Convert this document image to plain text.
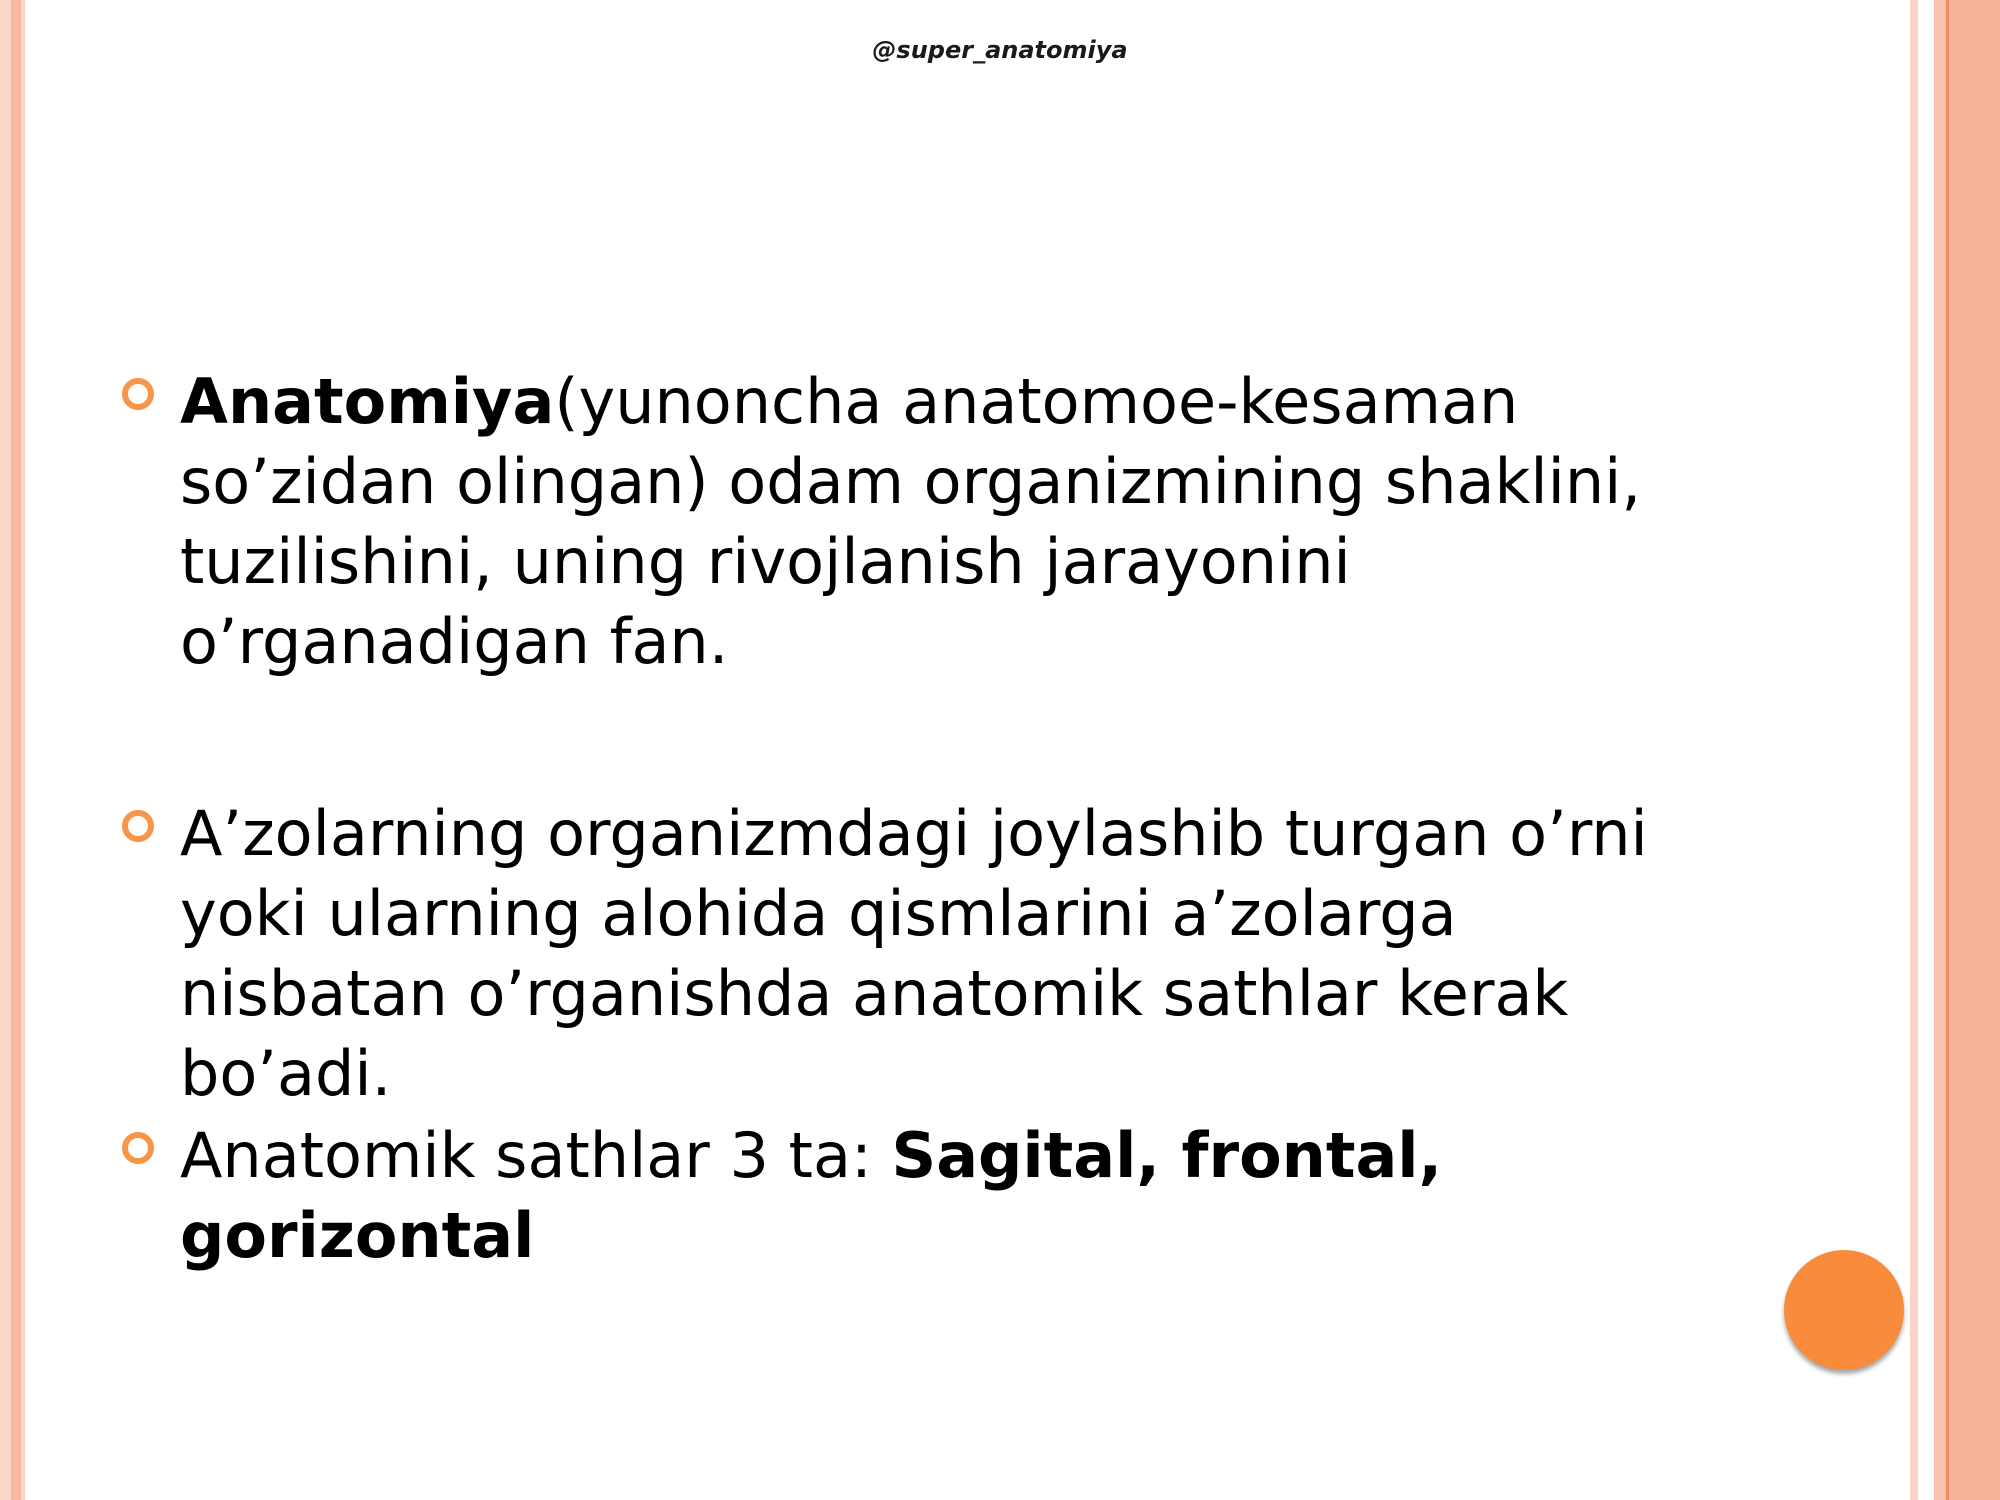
@super_anatomiya
Anatomiya(yunoncha anatomoe-kesaman so’zidan olingan) odam organizmining shaklini, tuzilishini, uning rivojlanish jarayonini o’rganadigan fan.
A’zolarning organizmdagi joylashib turgan o’rni yoki ularning alohida qismlarini a’zolarga nisbatan o’rganishda anatomik sathlar kerak bo’adi.
Anatomik sathlar 3 ta: Sagital, frontal, gorizontal
